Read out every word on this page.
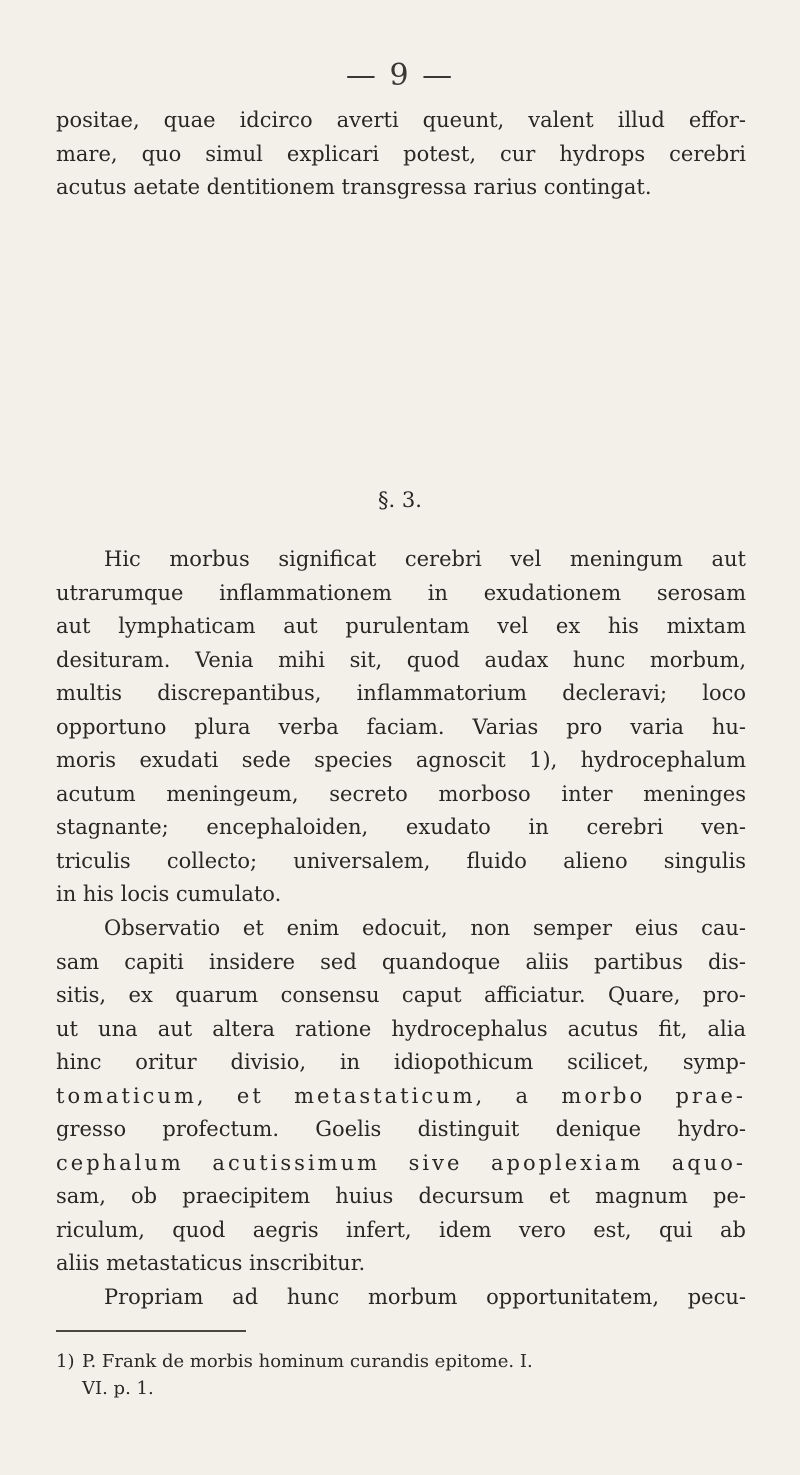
— 9 —
positae, quae idcirco averti queunt, valent illud effor-
mare, quo simul explicari potest, cur hydrops cerebri
acutus aetate dentitionem transgressa rarius contingat.
§. 3.
Hic morbus significat cerebri vel meningum aut
utrarumque inflammationem in exudationem serosam
aut lymphaticam aut purulentam vel ex his mixtam
desituram. Venia mihi sit, quod audax hunc morbum,
multis discrepantibus, inflammatorium decleravi; loco
opportuno plura verba faciam. Varias pro varia hu-
moris exudati sede species agnoscit 1), hydrocephalum
acutum meningeum, secreto morboso inter meninges
stagnante; encephaloiden, exudato in cerebri ven-
triculis collecto; universalem, fluido alieno singulis
in his locis cumulato.
Observatio et enim edocuit, non semper eius cau-
sam capiti insidere sed quandoque aliis partibus dis-
sitis, ex quarum consensu caput afficiatur. Quare, pro-
ut una aut altera ratione hydrocephalus acutus fit, alia
hinc oritur divisio, in idiopothicum scilicet, symp-
tomaticum, et metastaticum, a morbo prae-
gresso profectum. Goelis distinguit denique hydro-
cephalum acutissimum sive apoplexiam aquo-
sam, ob praecipitem huius decursum et magnum pe-
riculum, quod aegris infert, idem vero est, qui ab
aliis metastaticus inscribitur.
Propriam ad hunc morbum opportunitatem, pecu-
1) P. Frank de morbis hominum curandis epitome. I.
VI. p. 1.
